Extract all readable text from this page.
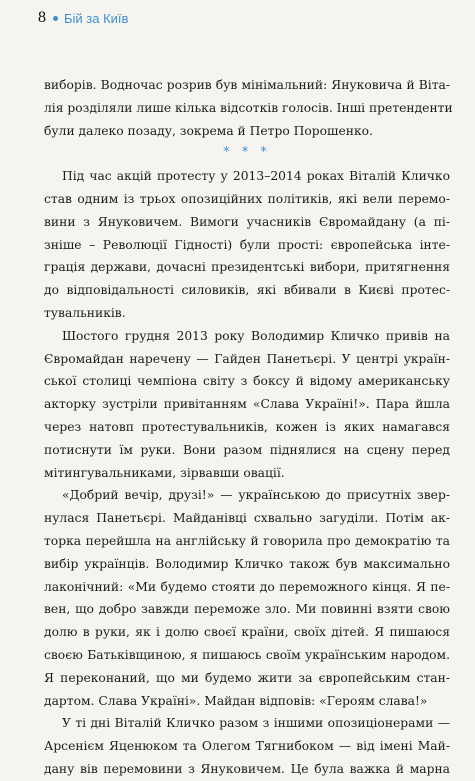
8 Бій за Київ

виборів. Водночас розрив був мінімальний: Януковича й Віта-

лія розділяли лише кілька відсотків голосів. Інші претенденти

були далеко позаду, зокрема й Петро Порошенко.

* * *

Під час акцій протесту у 2013–2014 роках Віталій Кличко

став одним із трьох опозиційних політиків, які вели перемо-

вини з Януковичем. Вимоги учасників Євромайдану (а пі-

зніше – Революції Гідності) були прості: європейська інте-

грація держави, дочасні президентські вибори, притягнення

до відповідальності силовиків, які вбивали в Києві протес-

тувальників.

Шостого грудня 2013 року Володимир Кличко привів на

Євромайдан наречену — Гайден Панетьєрі. У центрі україн-

ської столиці чемпіона світу з боксу й відому американську

акторку зустріли привітанням «Слава Україні!». Пара йшла

через натовп протестувальників, кожен із яких намагався

потиснути їм руки. Вони разом піднялися на сцену перед

мітингувальниками, зірвавши овації.

«Добрий вечір, друзі!» — українською до присутніх звер-

нулася Панетьєрі. Майданівці схвально загуділи. Потім ак-

торка перейшла на англійську й говорила про демократію та

вибір українців. Володимир Кличко також був максимально

лаконічний: «Ми будемо стояти до переможного кінця. Я пе-

вен, що добро завжди переможе зло. Ми повинні взяти свою

долю в руки, як і долю своєї країни, своїх дітей. Я пишаюся

своєю Батьківщиною, я пишаюсь своїм українським народом.

Я переконаний, що ми будемо жити за європейським стан-

дартом. Слава Україні». Майдан відповів: «Героям слава!»

У ті дні Віталій Кличко разом з іншими опозиціонерами —

Арсенієм Яценюком та Олегом Тягнибоком — від імені Май-

дану вів перемовини з Януковичем. Це була важка й марна
